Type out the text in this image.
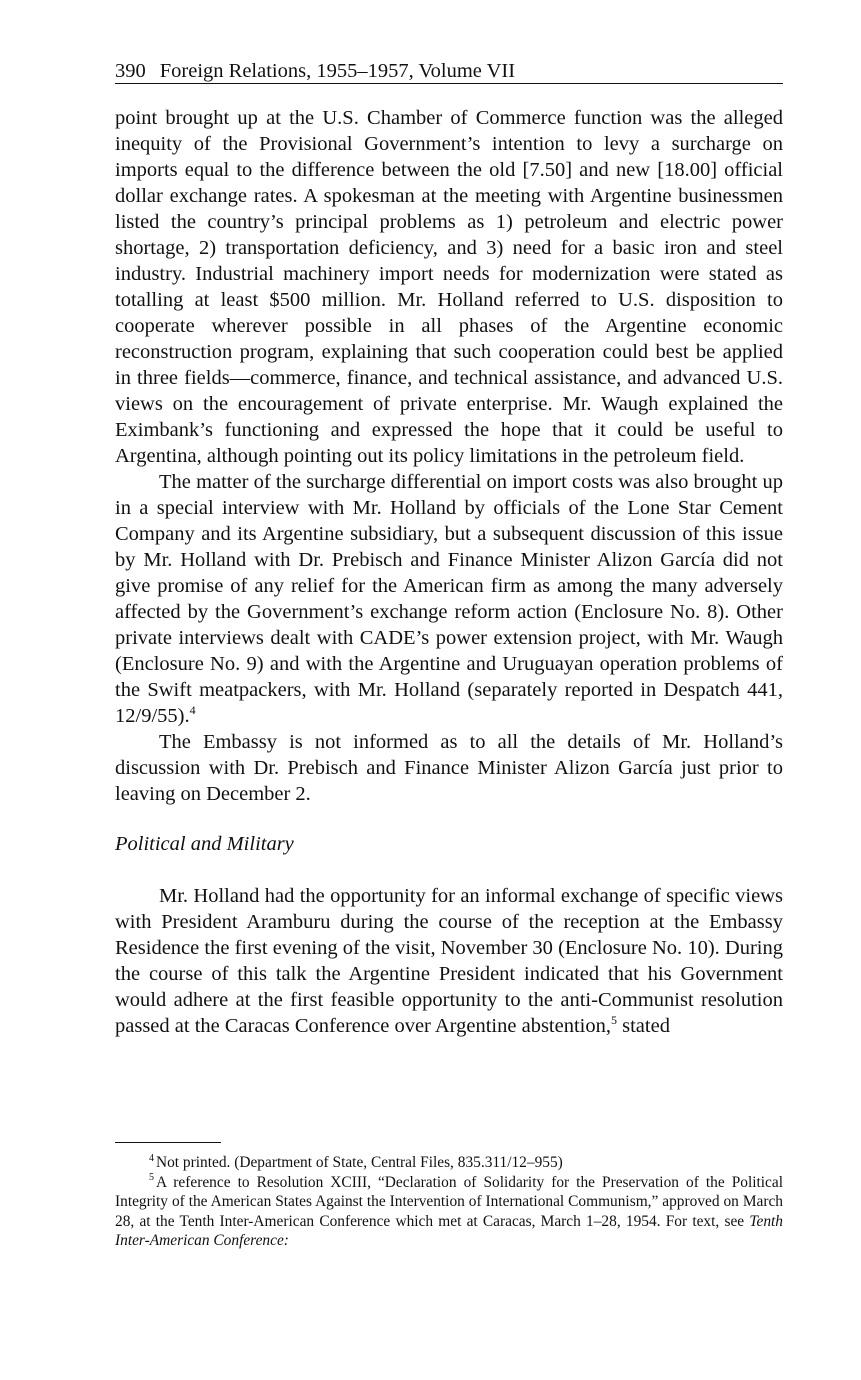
390 Foreign Relations, 1955–1957, Volume VII

point brought up at the U.S. Chamber of Commerce function was the alleged inequity of the Provisional Government’s intention to levy a surcharge on imports equal to the difference between the old [7.50] and new [18.00] official dollar exchange rates. A spokesman at the meeting with Argentine businessmen listed the country’s principal problems as 1) petroleum and electric power shortage, 2) transportation deficiency, and 3) need for a basic iron and steel industry. Industrial machinery import needs for modernization were stated as totalling at least $500 million. Mr. Holland referred to U.S. disposition to cooperate wherever possible in all phases of the Argentine economic reconstruction program, explaining that such cooperation could best be applied in three fields—commerce, finance, and technical assistance, and advanced U.S. views on the encouragement of private enterprise. Mr. Waugh explained the Eximbank’s functioning and expressed the hope that it could be useful to Argentina, although pointing out its policy limitations in the petroleum field.

The matter of the surcharge differential on import costs was also brought up in a special interview with Mr. Holland by officials of the Lone Star Cement Company and its Argentine subsidiary, but a subsequent discussion of this issue by Mr. Holland with Dr. Prebisch and Finance Minister Alizon García did not give promise of any relief for the American firm as among the many adversely affected by the Government’s exchange reform action (Enclosure No. 8). Other private interviews dealt with CADE’s power extension project, with Mr. Waugh (Enclosure No. 9) and with the Argentine and Uruguayan operation problems of the Swift meatpackers, with Mr. Holland (separately reported in Despatch 441, 12/9/55).$^4$

The Embassy is not informed as to all the details of Mr. Holland’s discussion with Dr. Prebisch and Finance Minister Alizon García just prior to leaving on December 2.

Political and Military

Mr. Holland had the opportunity for an informal exchange of specific views with President Aramburu during the course of the reception at the Embassy Residence the first evening of the visit, November 30 (Enclosure No. 10). During the course of this talk the Argentine President indicated that his Government would adhere at the first feasible opportunity to the anti-Communist resolution passed at the Caracas Conference over Argentine abstention,$^5$ stated

$^4$ Not printed. (Department of State, Central Files, 835.311/12–955)

$^5$ A reference to Resolution XCIII, “Declaration of Solidarity for the Preservation of the Political Integrity of the American States Against the Intervention of International Communism,” approved on March 28, at the Tenth Inter-American Conference which met at Caracas, March 1–28, 1954. For text, see Tenth Inter-American Conference:
